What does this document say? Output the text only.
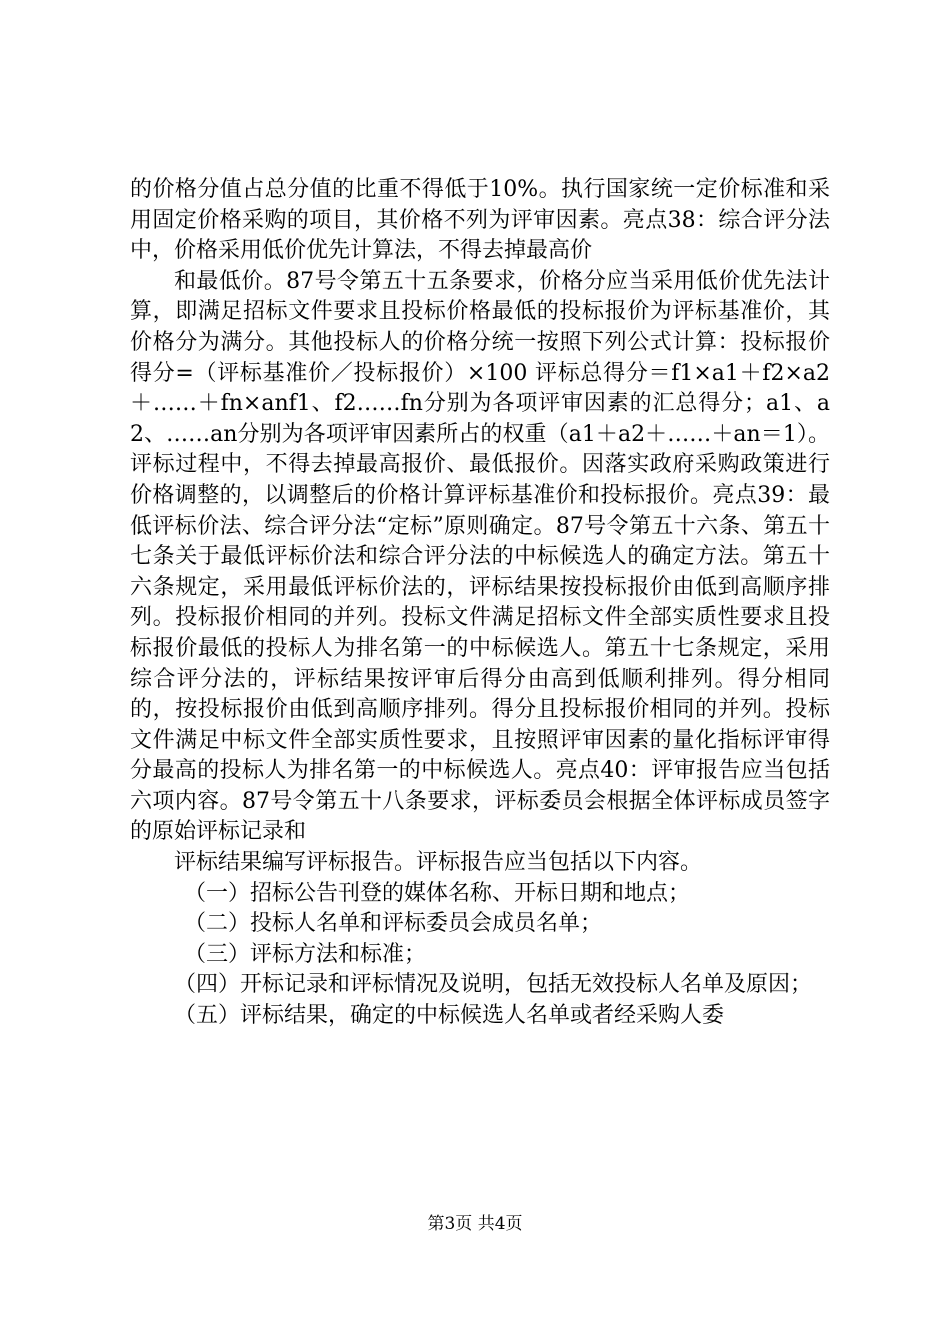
的价格分值占总分值的比重不得低于10%。执行国家统一定价标准和采用固定价格采购的项目，其价格不列为评审因素。亮点38：综合评分法中，价格采用低价优先计算法，不得去掉最高价

和最低价。87号令第五十五条要求，价格分应当采用低价优先法计算，即满足招标文件要求且投标价格最低的投标报价为评标基准价，其价格分为满分。其他投标人的价格分统一按照下列公式计算：投标报价得分=（评标基准价／投标报价）×100 评标总得分＝f1×a1＋f2×a2＋……＋fn×anf1、f2……fn分别为各项评审因素的汇总得分；a1、a2、……an分别为各项评审因素所占的权重（a1＋a2＋……＋an＝1）。评标过程中，不得去掉最高报价、最低报价。因落实政府采购政策进行价格调整的，以调整后的价格计算评标基准价和投标报价。亮点39：最低评标价法、综合评分法“定标”原则确定。87号令第五十六条、第五十七条关于最低评标价法和综合评分法的中标候选人的确定方法。第五十六条规定，采用最低评标价法的，评标结果按投标报价由低到高顺序排列。投标报价相同的并列。投标文件满足招标文件全部实质性要求且投标报价最低的投标人为排名第一的中标候选人。第五十七条规定，采用综合评分法的，评标结果按评审后得分由高到低顺利排列。得分相同的，按投标报价由低到高顺序排列。得分且投标报价相同的并列。投标文件满足中标文件全部实质性要求，且按照评审因素的量化指标评审得分最高的投标人为排名第一的中标候选人。亮点40：评审报告应当包括六项内容。87号令第五十八条要求，评标委员会根据全体评标成员签字的原始评标记录和

评标结果编写评标报告。评标报告应当包括以下内容。

（一）招标公告刊登的媒体名称、开标日期和地点；

（二）投标人名单和评标委员会成员名单；

（三）评标方法和标准；

（四）开标记录和评标情况及说明，包括无效投标人名单及原因；

（五）评标结果，确定的中标候选人名单或者经采购人委

第3页 共4页
